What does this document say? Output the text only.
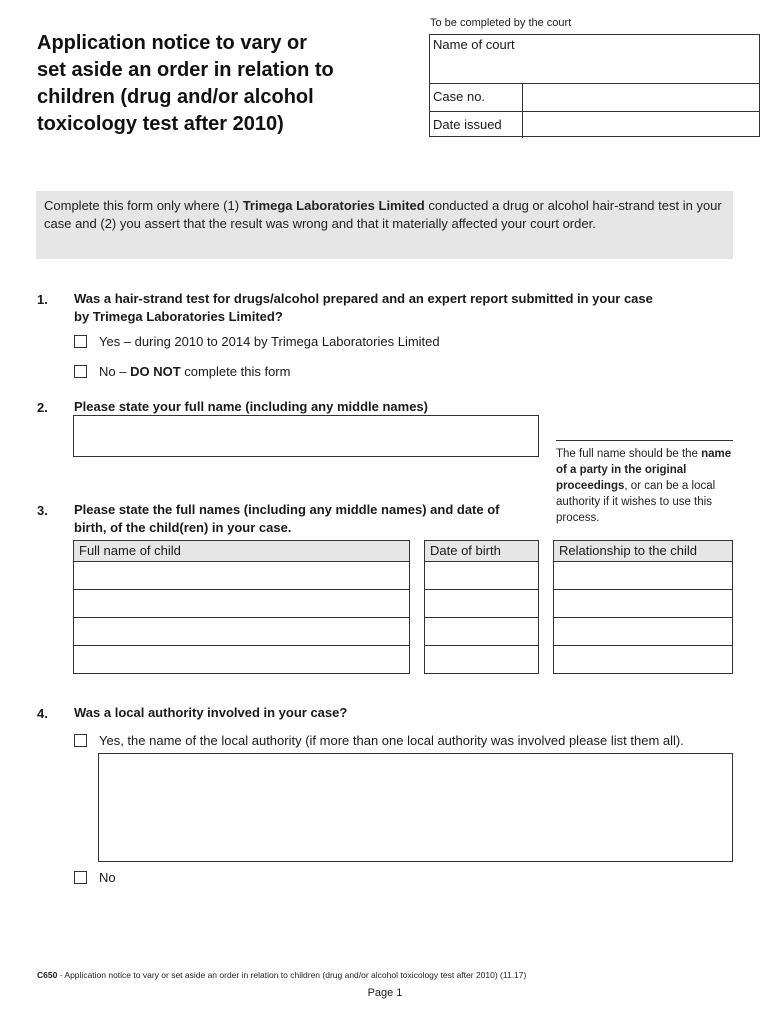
Application notice to vary or
set aside an order in relation to
children (drug and/or alcohol
toxicology test after 2010)
To be completed by the court
Name of court
Case no.
Date issued
Complete this form only where (1) Trimega Laboratories Limited conducted a drug or alcohol hair-strand test in your case and (2) you assert that the result was wrong and that it materially affected your court order.
1. Was a hair-strand test for drugs/alcohol prepared and an expert report submitted in your case by Trimega Laboratories Limited?
Yes – during 2010 to 2014 by Trimega Laboratories Limited
No – DO NOT complete this form
2. Please state your full name (including any middle names)
The full name should be the name of a party in the original proceedings, or can be a local authority if it wishes to use this process.
3. Please state the full names (including any middle names) and date of birth, of the child(ren) in your case.
Full name of child	Date of birth	Relationship to the child
4. Was a local authority involved in your case?
Yes, the name of the local authority (if more than one local authority was involved please list them all).
No
C650 - Application notice to vary or set aside an order in relation to children (drug and/or alcohol toxicology test after 2010) (11.17)
Page 1
